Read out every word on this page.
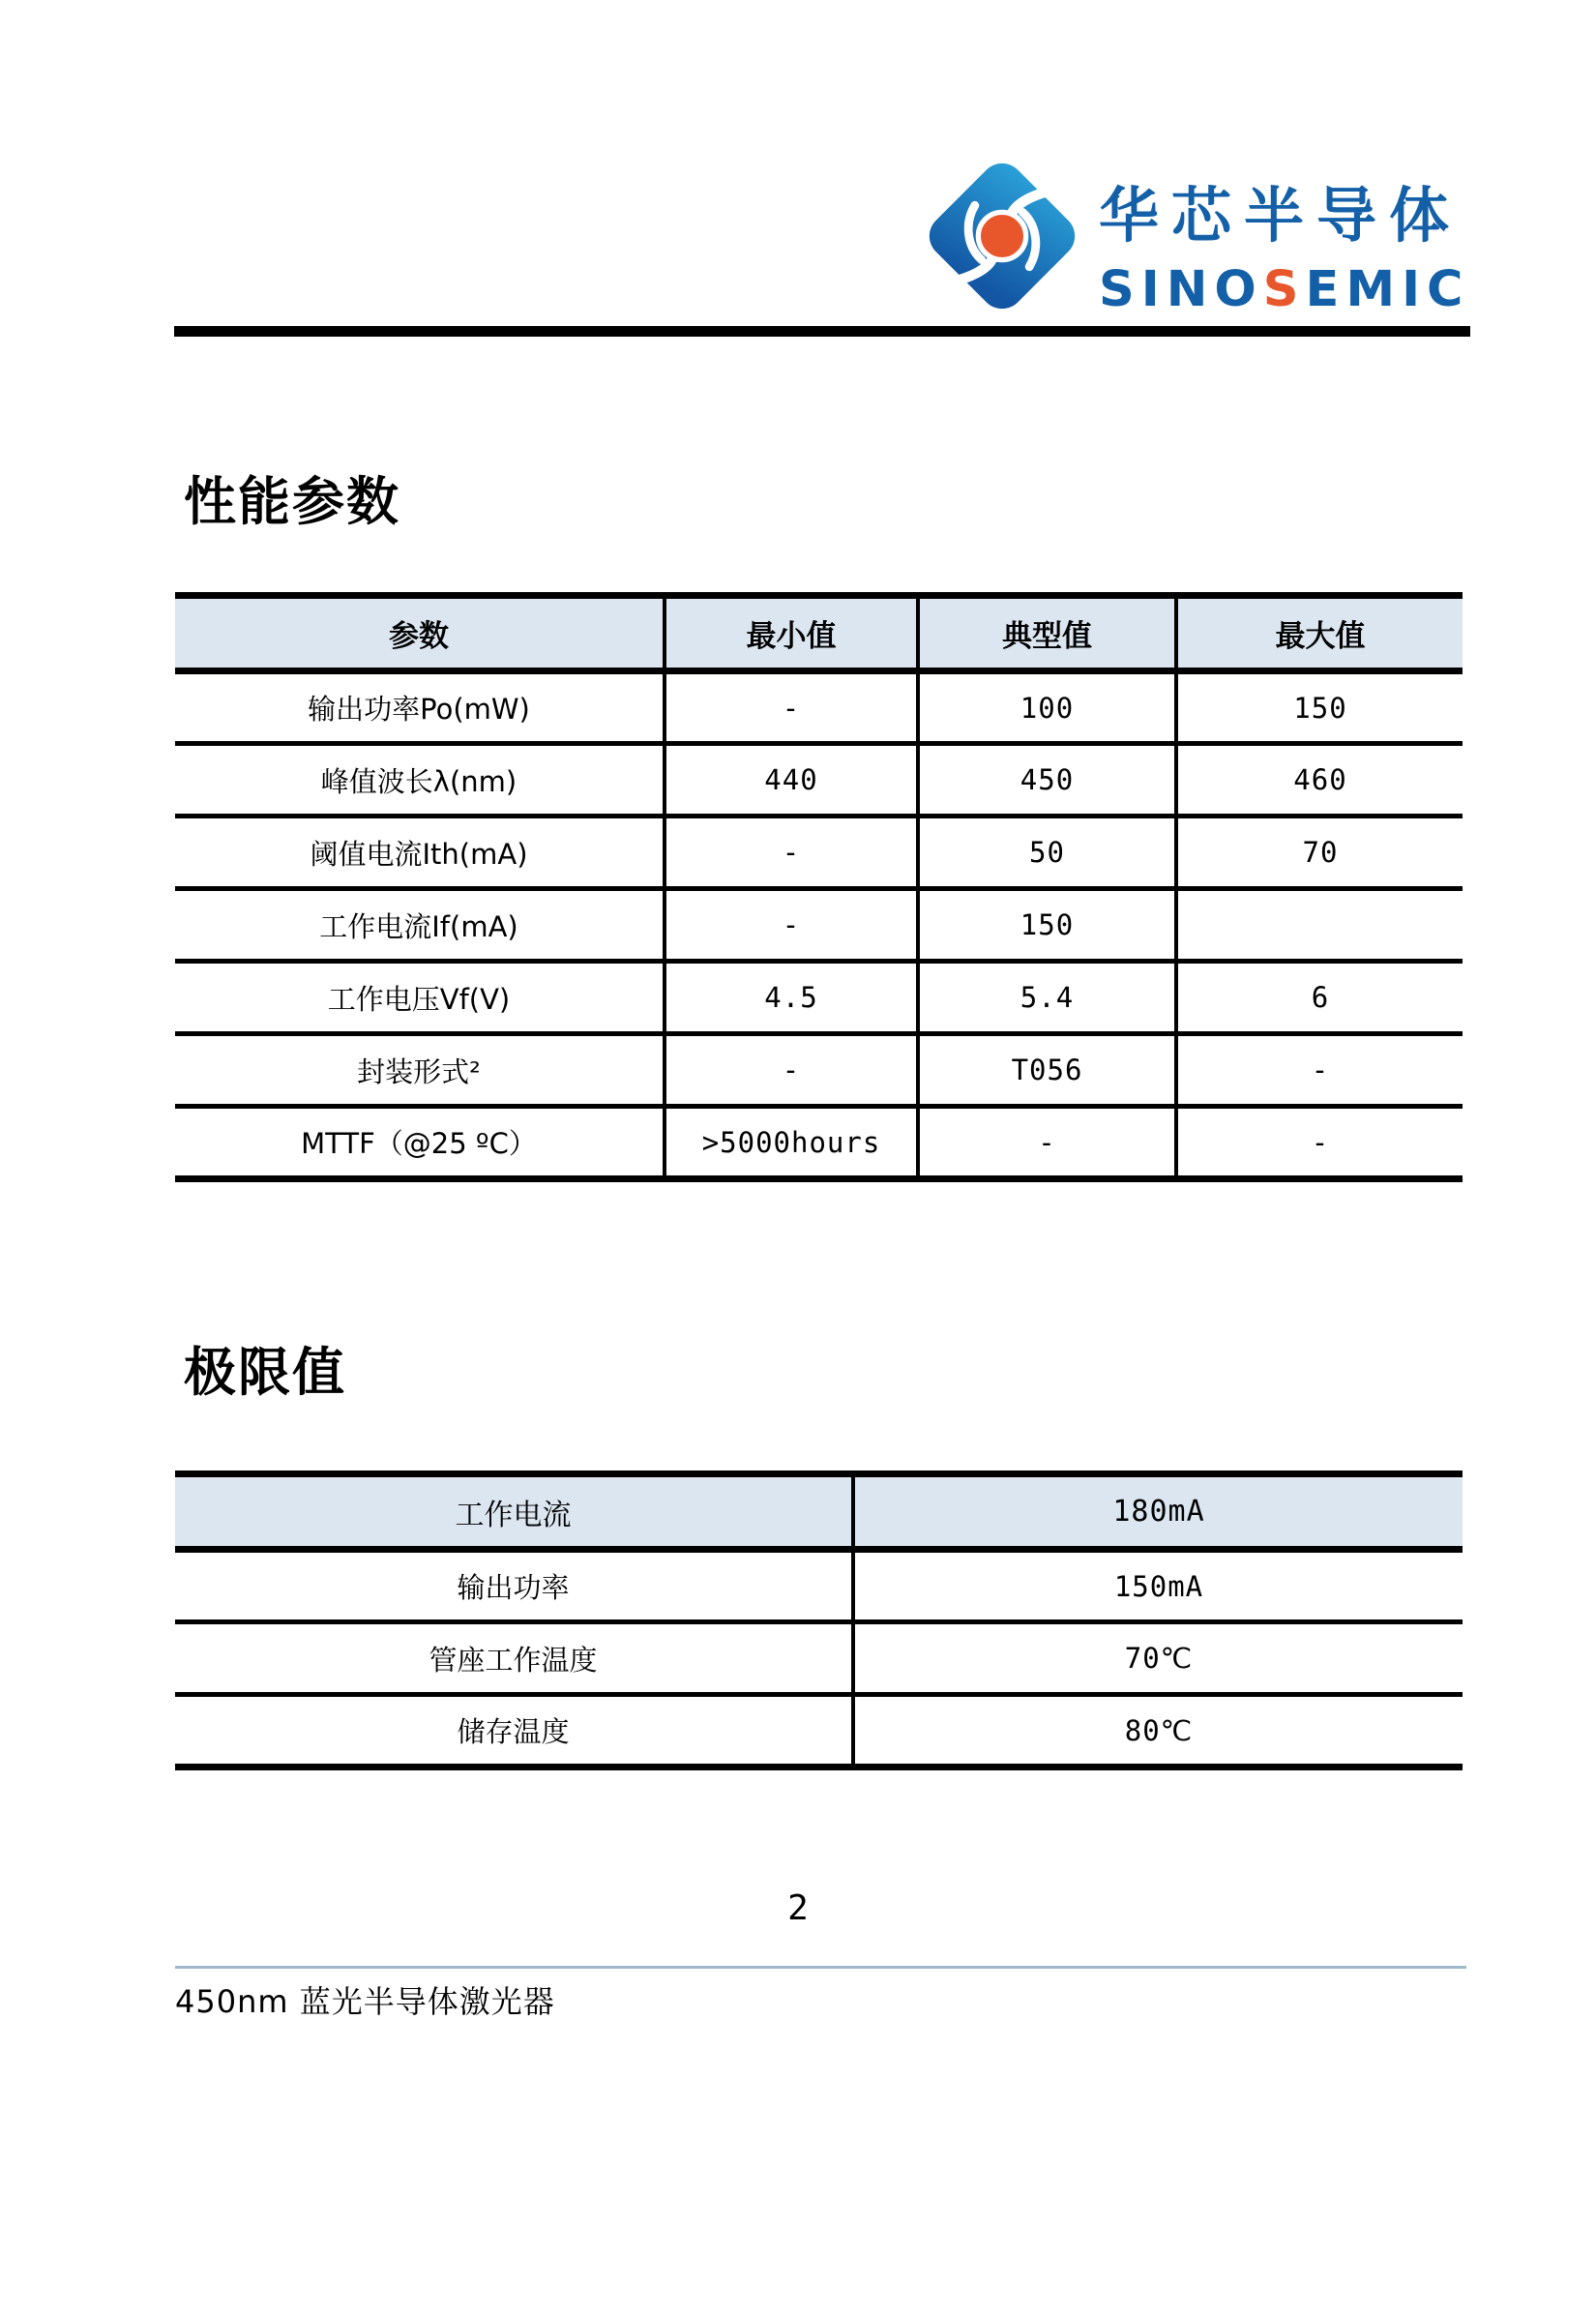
华芯半导体
SINOSEMIC
性能参数
参数	最小值	典型值	最大值
输出功率Po(mW)	-	100	150
峰值波长λ(nm)	440	450	460
阈值电流Ith(mA)	-	50	70
工作电流If(mA)	-	150	
工作电压Vf(V)	4.5	5.4	6
封装形式²	-	T056	-
MTTF（@25 ºC）	>5000hours	-	-
极限值
工作电流	180mA
输出功率	150mA
管座工作温度	70℃
储存温度	80℃
2
450nm 蓝光半导体激光器
